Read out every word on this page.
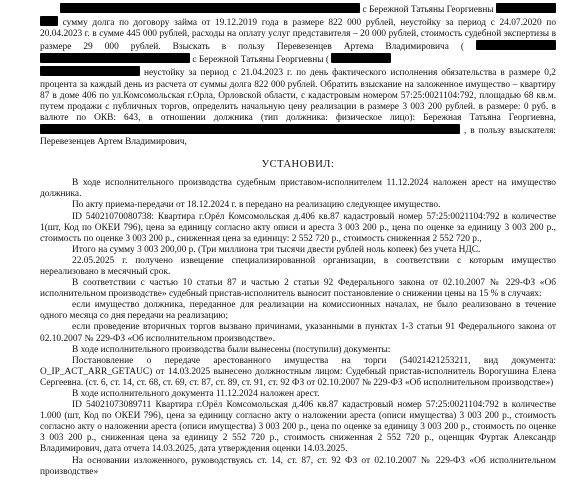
с Бережной Татьяны Георгиевны

сумму долга по договору займа от 19.12.2019 года в размере 822 000 рублей, неустойку за период с 24.07.2020 по 20.04.2023 г. в сумме 445 000 рублей, расходы на оплату услуг представителя – 20 000 рублей, стоимость судебной экспертизы в размере 29 000 рублей. Взыскать в пользу Перевезенцев Артема Владимировича (   с Бережной Татьяны Георгиевны (

неустойку за период с 21.04.2023 г. по день фактического исполнения обязательства в размере 0,2 процента за каждый день из расчета от суммы долга 822 000 рублей. Обратить взыскание на заложенное имущество – квартиру 87 в доме 406 по ул.Комсомольская г.Орла, Орловской области, с кадастровым номером 57:25:0021104:792, площадью 68 кв.м. путем продажи с публичных торгов, определить начальную цену реализации в размере 3 003 200 рублей. в размере: 0 руб. в валюте по ОКВ: 643, в отношении должника (тип должника: физическое лицо): Бережная Татьяна Георгиевна,  , в пользу взыскателя: Перевезенцев Артем Владимирович,

УСТАНОВИЛ:

В ходе исполнительного производства судебным приставом-исполнителем 11.12.2024 наложен арест на имущество должника.

По акту приема-передачи от 18.12.2024 г. в передано на реализацию следующее имущество.

ID 54021070080738: Квартира г.Орёл Комсомольская д.406 кв.87 кадастровый номер 57:25:0021104:792 в количестве 1(шт, Код по ОКЕИ 796), цена за единицу согласно акту описи и ареста 3 003 200 р., цена по оценке за единицу 3 003 200 р., стоимость по оценке 3 003 200 р., сниженная цена за единицу: 2 552 720 р., стоимость сниженная 2 552 720 р.,

Итого на сумму 3 003 200,00 р. (Три миллиона три тысячи двести рублей ноль копеек) без учета НДС.

22.05.2025 г. получено извещение специализированной организации, в соответствии с которым имущество нереализовано в месячный срок.

В соответствии с частью 10 статьи 87 и частью 2 статьи 92 Федерального закона от 02.10.2007 № 229-ФЗ «Об исполнительном производстве» судебный пристав-исполнитель выносит постановление о снижении цены на 15 % в случаях:

если имущество должника, переданное для реализации на комиссионных началах, не было реализовано в течение одного месяца со дня передачи на реализацию;

если проведение вторичных торгов вызвано причинами, указанными в пунктах 1-3 статьи 91 Федерального закона от 02.10.2007 № 229-ФЗ «Об исполнительном производстве».

В ходе исполнительного производства были вынесены (поступили) документы:

Постановление о передаче арестованного имущества на торги (54021421253211, вид документа: O_IP_ACT_ARR_GETAUC) от 14.03.2025 вынесено должностным лицом: Судебный пристав-исполнитель Ворогушина Елена Сергеевна. (ст. 6, ст. 14, ст. 68, ст. 69, ст. 87, ст. 89, ст. 91, ст. 92 ФЗ от 02.10.2007 № 229-ФЗ «Об исполнительном производстве»)

В ходе исполнительного документа 11.12.2024 наложен арест.

ID 54021073089711 Квартира г.Орёл Комсомольская д.406 кв.87 кадастровый номер 57:25:0021104:792 в количестве 1.000 (шт, Код по ОКЕИ 796), цена за единицу согласно акту о наложении ареста (описи имущества) 3 003 200 р., стоимость согласно акту о наложении ареста (описи имущества) 3 003 200 р., цена по оценке за единицу 3 003 200 р., стоимость по оценке 3 003 200 р., сниженная цена за единицу 2 552 720 р., стоимость сниженная 2 552 720 р., оценщик Фуртак Александр Владимирович, дата отчета 14.03.2025, дата утверждения оценки 14.03.2025.

На основании изложенного, руководствуясь ст. 14, ст. 87, ст. 92 ФЗ от 02.10.2007 № 229-ФЗ «Об исполнительном производстве»
